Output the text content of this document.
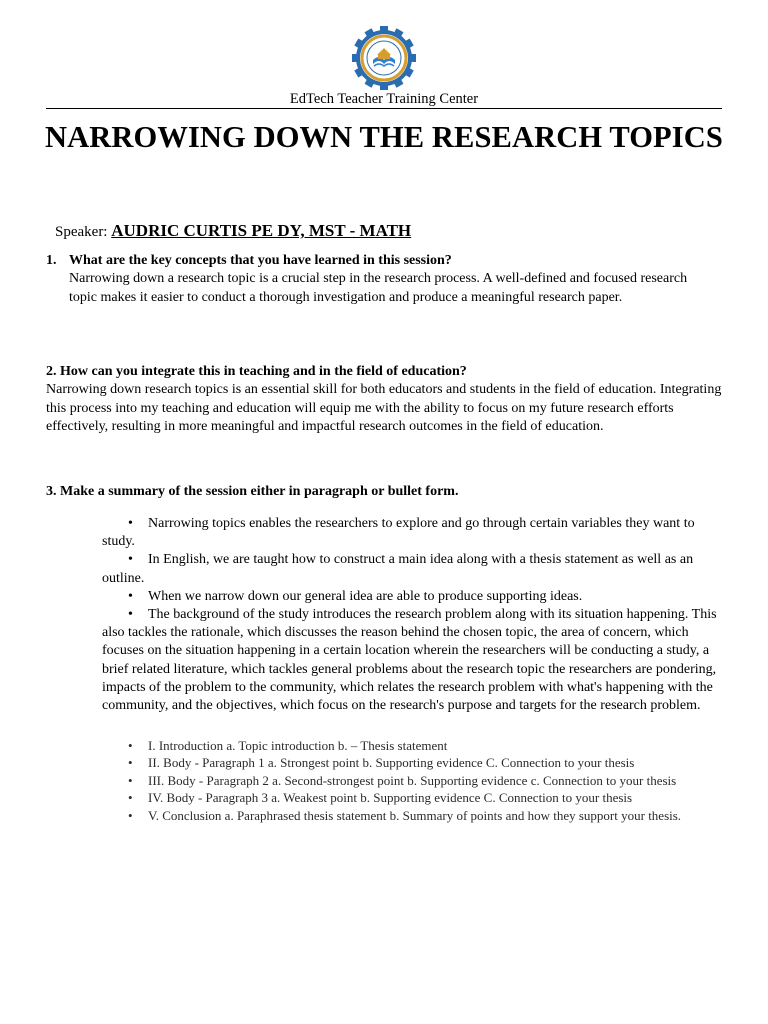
EdTech Teacher Training Center
NARROWING DOWN THE RESEARCH TOPICS
Speaker: AUDRIC CURTIS PE DY, MST - MATH
1. What are the key concepts that you have learned in this session?
Narrowing down a research topic is a crucial step in the research process. A well-defined and focused research topic makes it easier to conduct a thorough investigation and produce a meaningful research paper.
2. How can you integrate this in teaching and in the field of education?
Narrowing down research topics is an essential skill for both educators and students in the field of education. Integrating this process into my teaching and education will equip me with the ability to focus on my future research efforts effectively, resulting in more meaningful and impactful research outcomes in the field of education.
3. Make a summary of the session either in paragraph or bullet form.

• Narrowing topics enables the researchers to explore and go through certain variables they want to study.

• In English, we are taught how to construct a main idea along with a thesis statement as well as an outline.

• When we narrow down our general idea are able to produce supporting ideas.

• The background of the study introduces the research problem along with its situation happening. This also tackles the rationale, which discusses the reason behind the chosen topic, the area of concern, which focuses on the situation happening in a certain location wherein the researchers will be conducting a study, a brief related literature, which tackles general problems about the research topic the researchers are pondering, impacts of the problem to the community, which relates the research problem with what's happening with the community, and the objectives, which focus on the research's purpose and targets for the research problem.

• I. Introduction a. Topic introduction b. – Thesis statement

• II. Body - Paragraph 1 a. Strongest point b. Supporting evidence C. Connection to your thesis

• III. Body - Paragraph 2 a. Second-strongest point b. Supporting evidence c. Connection to your thesis

• IV. Body - Paragraph 3 a. Weakest point b. Supporting evidence C. Connection to your thesis

• V. Conclusion a. Paraphrased thesis statement b. Summary of points and how they support your thesis.
